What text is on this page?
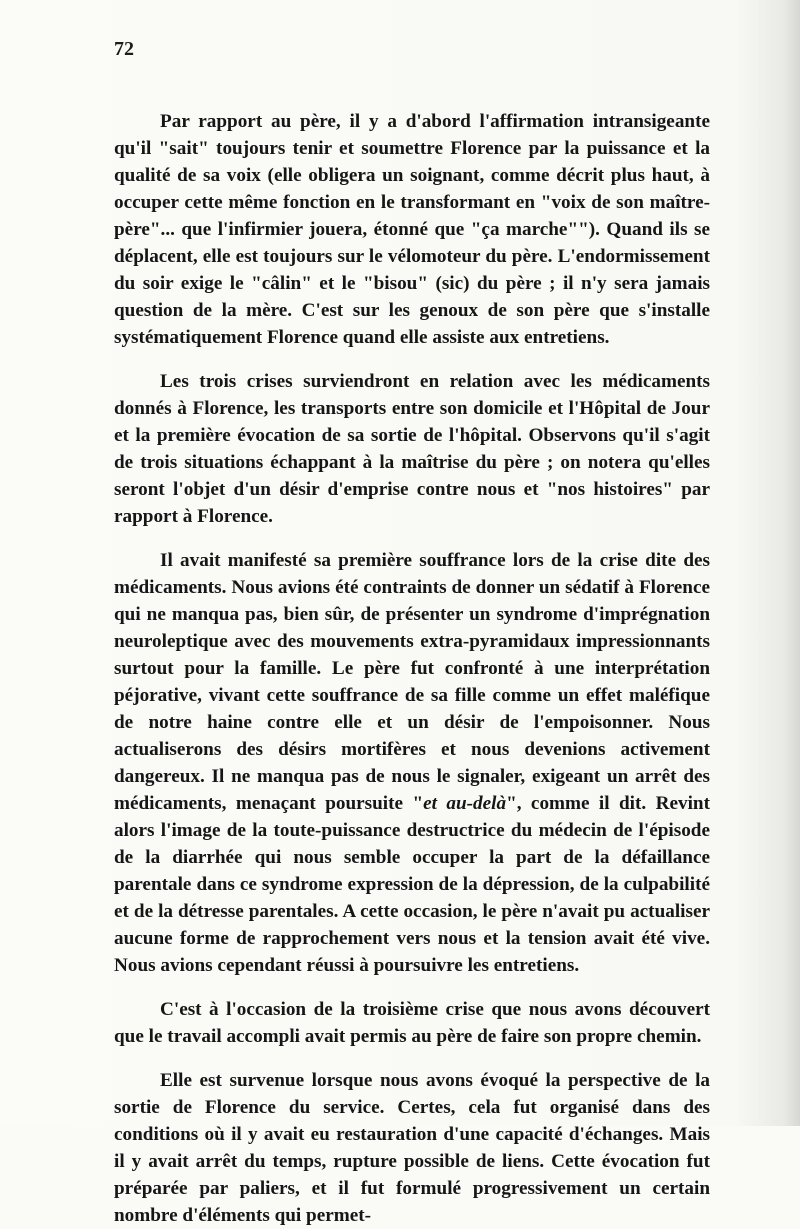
72

Par rapport au père, il y a d'abord l'affirmation intransigeante qu'il "sait" toujours tenir et soumettre Florence par la puissance et la qualité de sa voix (elle obligera un soignant, comme décrit plus haut, à occuper cette même fonction en le transformant en "voix de son maître-père"... que l'infirmier jouera, étonné que "ça marche""). Quand ils se déplacent, elle est toujours sur le vélomoteur du père. L'endormissement du soir exige le "câlin" et le "bisou" (sic) du père ; il n'y sera jamais question de la mère. C'est sur les genoux de son père que s'installe systématiquement Florence quand elle assiste aux entretiens.

Les trois crises surviendront en relation avec les médicaments donnés à Florence, les transports entre son domicile et l'Hôpital de Jour et la première évocation de sa sortie de l'hôpital. Observons qu'il s'agit de trois situations échappant à la maîtrise du père ; on notera qu'elles seront l'objet d'un désir d'emprise contre nous et "nos histoires" par rapport à Florence.

Il avait manifesté sa première souffrance lors de la crise dite des médicaments. Nous avions été contraints de donner un sédatif à Florence qui ne manqua pas, bien sûr, de présenter un syndrome d'imprégnation neuroleptique avec des mouvements extra-pyramidaux impressionnants surtout pour la famille. Le père fut confronté à une interprétation péjorative, vivant cette souffrance de sa fille comme un effet maléfique de notre haine contre elle et un désir de l'empoisonner. Nous actualiserons des désirs mortifères et nous devenions activement dangereux. Il ne manqua pas de nous le signaler, exigeant un arrêt des médicaments, menaçant poursuite "et au-delà", comme il dit. Revint alors l'image de la toute-puissance destructrice du médecin de l'épisode de la diarrhée qui nous semble occuper la part de la défaillance parentale dans ce syndrome expression de la dépression, de la culpabilité et de la détresse parentales. A cette occasion, le père n'avait pu actualiser aucune forme de rapprochement vers nous et la tension avait été vive. Nous avions cependant réussi à poursuivre les entretiens.

C'est à l'occasion de la troisième crise que nous avons découvert que le travail accompli avait permis au père de faire son propre chemin.

Elle est survenue lorsque nous avons évoqué la perspective de la sortie de Florence du service. Certes, cela fut organisé dans des conditions où il y avait eu restauration d'une capacité d'échanges. Mais il y avait arrêt du temps, rupture possible de liens. Cette évocation fut préparée par paliers, et il fut formulé progressivement un certain nombre d'éléments qui permet-
